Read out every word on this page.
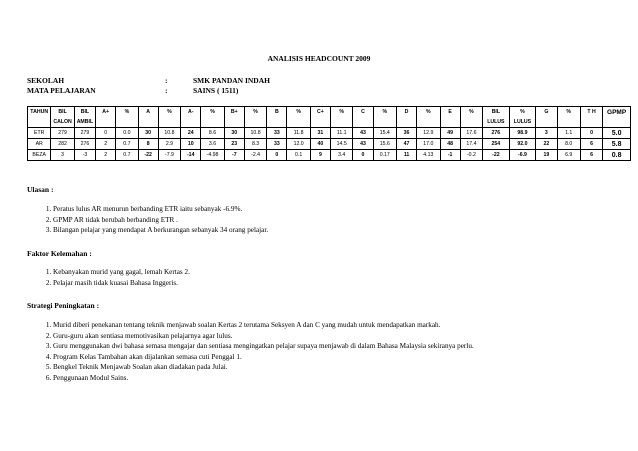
ANALISIS HEADCOUNT 2009
SEKOLAH	:	SMK PANDAN INDAH
MATA PELAJARAN	:	SAINS ( 1511)
TAHUN	BIL	BIL	A+	%	A	%	A-	%	B+	%	B	%	C+	%	C	%	D	%	E	%	BIL	%	G	%	T H	GPMP
	CALON	AMBIL																			LULUS	LULUS				
ETR	279	279	0	0.0	30	10.8	24	8.6	30	10.8	33	11.8	31	11.1	43	15.4	36	12.9	49	17.6	276	98.9	3	1.1	0	5.0
AR	282	276	2	0.7	8	2.9	10	3.6	23	8.3	33	12.0	40	14.5	43	15.6	47	17.0	48	17.4	254	92.0	22	8.0	6	5.8
BEZA	3	-3	2	0.7	-22	-7.9	-14	-4.98	-7	-2.4	0	0.1	9	3.4	0	0.17	11	4.13	-1	-0.2	-22	-6.9	19	6.9	6	0.8
Ulasan :
1. Peratus lulus AR menurun berbanding ETR iaitu sebanyak -6.9%.
2. GPMP AR tidak berubah berbanding ETR .
3. Bilangan pelajar yang mendapat A berkurangan sebanyak 34 orang pelajar.
Faktor Kelemahan :
1. Kebanyakan murid yang gagal, lemah Kertas 2.
2. Pelajar masih tidak kuasai Bahasa Inggeris.
Strategi Peningkatan :
1. Murid diberi penekanan tentang teknik menjawab soalan Kertas 2 terutama Seksyen A dan C yang mudah untuk mendapatkan markah.
2. Guru-guru akan sentiasa memotivasikan pelajarnya agar lulus.
3. Guru menggunakan dwi bahasa semasa mengajar dan sentiasa mengingatkan pelajar supaya menjawab di dalam Bahasa Malaysia sekiranya perlu.
4. Program Kelas Tambahan akan dijalankan semasa cuti Penggal 1.
5. Bengkel Teknik Menjawab Soalan akan diadakan pada Julai.
6. Penggunaan Modul Sains.
